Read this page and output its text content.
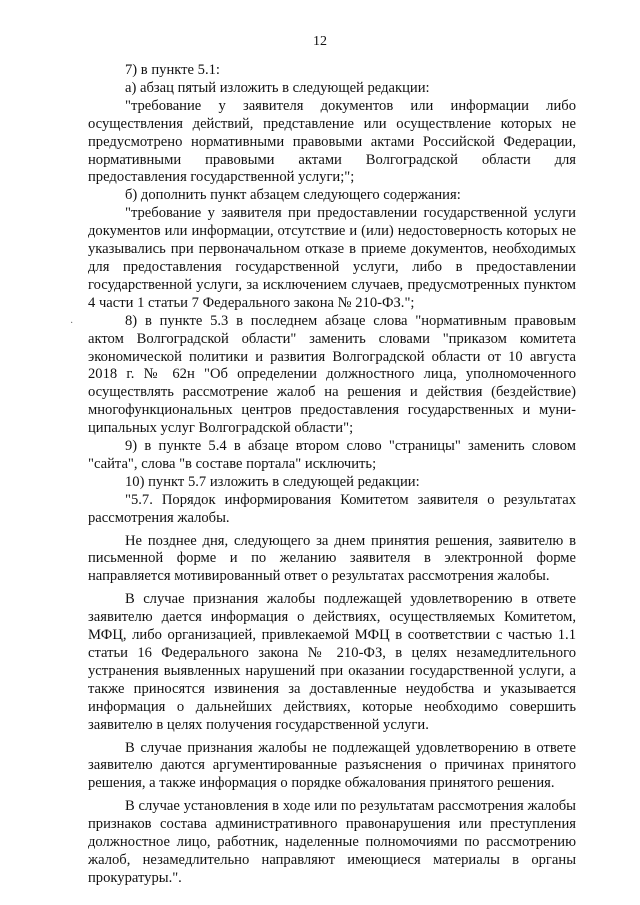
12

7) в пункте 5.1:

а) абзац пятый изложить в следующей редакции:

"требование у заявителя документов или информации либо осуществления действий, представление или осуществление которых не предусмотрено нормативными правовыми актами Российской Федерации, нормативными правовыми актами Волгоградской области для предоставления государственной услуги;";

б) дополнить пункт абзацем следующего содержания:

"требование у заявителя при предоставлении государственной услуги документов или информации, отсутствие и (или) недостоверность которых не указывались при первоначальном отказе в приеме документов, необходимых для предоставления государственной услуги, либо в предоставлении государственной услуги, за исключением случаев, предусмотренных пунктом 4 части 1 статьи 7 Федерального закона № 210-ФЗ.";

8) в пункте 5.3 в последнем абзаце слова "нормативным правовым актом Волгоградской области" заменить словами "приказом комитета экономической политики и развития Волгоградской области от 10 августа 2018 г. № 62н "Об определении должностного лица, уполномоченного осуществлять рассмотрение жалоб на решения и действия (бездействие) многофункциональных центров предоставления государственных и муниципальных услуг Волгоградской области";

9) в пункте 5.4 в абзаце втором слово "страницы" заменить словом "сайта", слова "в составе портала" исключить;

10) пункт 5.7 изложить в следующей редакции:

"5.7. Порядок информирования Комитетом заявителя о результатах рассмотрения жалобы.

Не позднее дня, следующего за днем принятия решения, заявителю в письменной форме и по желанию заявителя в электронной форме направляется мотивированный ответ о результатах рассмотрения жалобы.

В случае признания жалобы подлежащей удовлетворению в ответе заявителю дается информация о действиях, осуществляемых Комитетом, МФЦ, либо организацией, привлекаемой МФЦ в соответствии с частью 1.1 статьи 16 Федерального закона № 210-ФЗ, в целях незамедлительного устранения выявленных нарушений при оказании государственной услуги, а также приносятся извинения за доставленные неудобства и указывается информация о дальнейших действиях, которые необходимо совершить заявителю в целях получения государственной услуги.

В случае признания жалобы не подлежащей удовлетворению в ответе заявителю даются аргументированные разъяснения о причинах принятого решения, а также информация о порядке обжалования принятого решения.

В случае установления в ходе или по результатам рассмотрения жалобы признаков состава административного правонарушения или преступления должностное лицо, работник, наделенные полномочиями по рассмотрению жалоб, незамедлительно направляют имеющиеся материалы в органы прокуратуры.".

·
